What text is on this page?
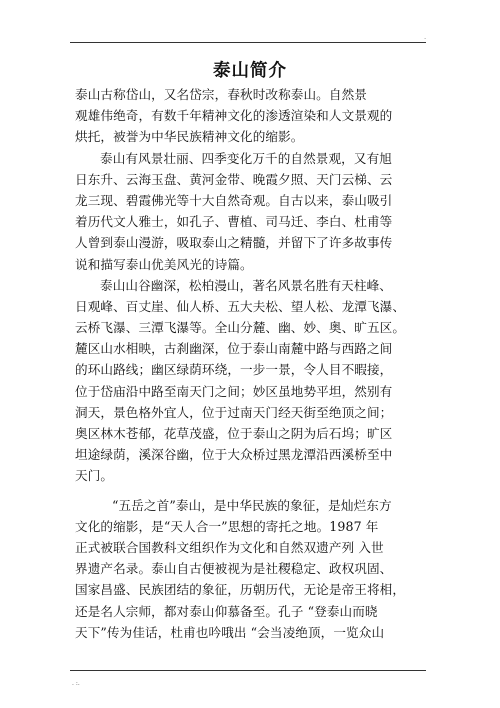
.
泰山简介
泰山古称岱山，又名岱宗，春秋时改称泰山。自然景
观雄伟绝奇，有数千年精神文化的渗透渲染和人文景观的
烘托，被誉为中华民族精神文化的缩影。
泰山有风景壮丽、四季变化万千的自然景观，又有旭
日东升、云海玉盘、黄河金带、晚霞夕照、天门云梯、云
龙三现、碧霞佛光等十大自然奇观。自古以来，泰山吸引
着历代文人雅士，如孔子、曹植、司马迁、李白、杜甫等
人曾到泰山漫游，吸取泰山之精髓，并留下了许多故事传
说和描写泰山优美风光的诗篇。
泰山山谷幽深，松柏漫山，著名风景名胜有天柱峰、
日观峰、百丈崖、仙人桥、五大夫松、望人松、龙潭飞瀑、
云桥飞瀑、三潭飞瀑等。全山分麓、幽、妙、奥、旷五区。
麓区山水相映，古刹幽深，位于泰山南麓中路与西路之间
的环山路线；幽区绿荫环绕，一步一景，令人目不暇接，
位于岱庙沿中路至南天门之间；妙区虽地势平坦，然别有
洞天，景色格外宜人，位于过南天门经天街至绝顶之间；
奥区林木苍郁，花草茂盛，位于泰山之阴为后石坞；旷区
坦途绿荫，溪深谷幽，位于大众桥过黑龙潭沿西溪桥至中
天门。
“五岳之首”泰山，是中华民族的象征，是灿烂东方
文化的缩影，是“天人合一”思想的寄托之地。1987 年
正式被联合国教科文组织作为文化和自然双遗产列 入世
界遗产名录。泰山自古便被视为是社稷稳定、政权巩固、
国家昌盛、民族团结的象征，历朝历代，无论是帝王将相，
还是名人宗师，都对泰山仰慕备至。孔子 “登泰山而晓
天下”传为佳话，杜甫也吟哦出 “会当凌绝顶，一览众山
. :.
